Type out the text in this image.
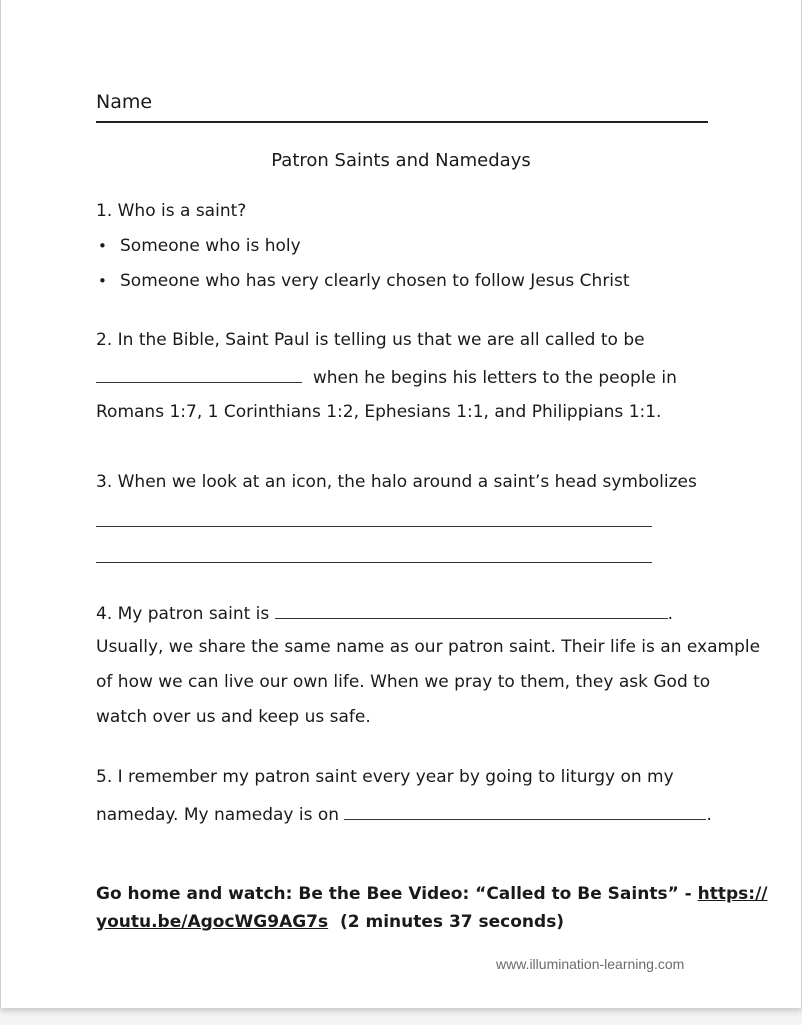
Name
Patron Saints and Namedays
1. Who is a saint?
• Someone who is holy
• Someone who has very clearly chosen to follow Jesus Christ
2. In the Bible, Saint Paul is telling us that we are all called to be
when he begins his letters to the people in
Romans 1:7, 1 Corinthians 1:2, Ephesians 1:1, and Philippians 1:1.
3. When we look at an icon, the halo around a saint’s head symbolizes
4. My patron saint is	.
Usually, we share the same name as our patron saint. Their life is an example
of how we can live our own life. When we pray to them, they ask God to
watch over us and keep us safe.
5. I remember my patron saint every year by going to liturgy on my
nameday. My nameday is on	.
Go home and watch: Be the Bee Video: “Called to Be Saints” - https://
youtu.be/AgocWG9AG7s (2 minutes 37 seconds)
www.illumination-learning.com
